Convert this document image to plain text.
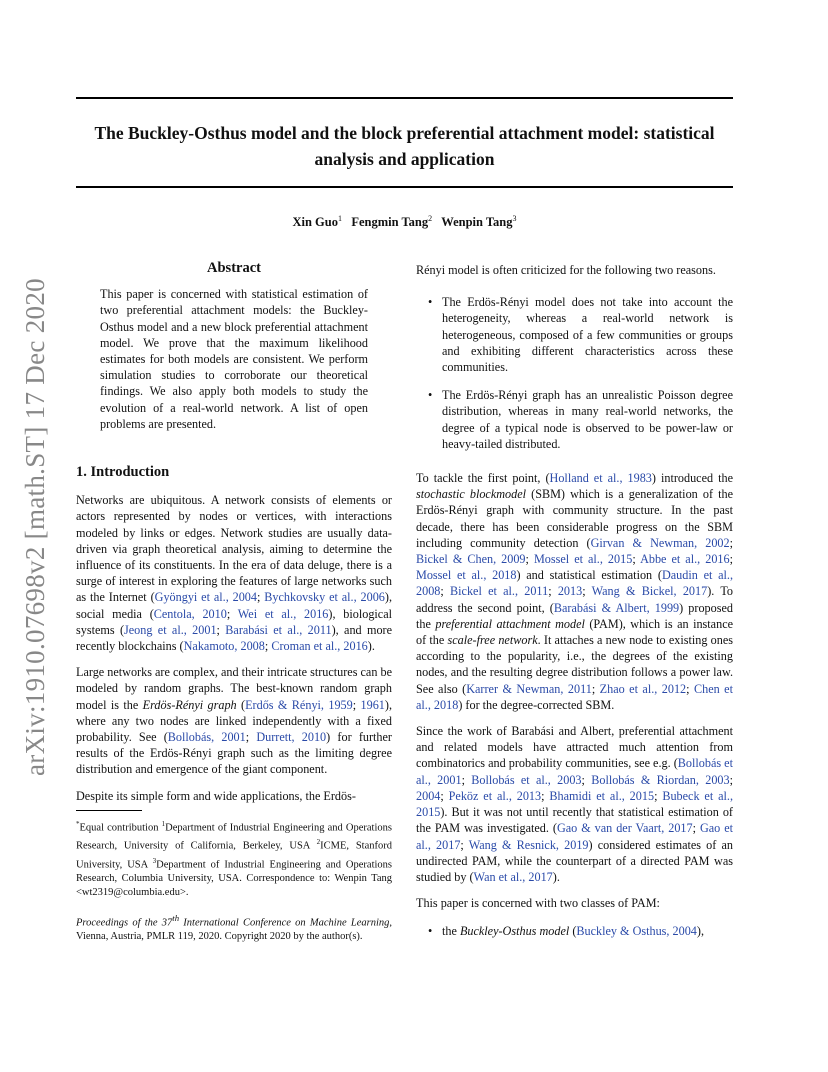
The Buckley-Osthus model and the block preferential attachment model: statistical analysis and application
Xin Guo$^1$ Fengmin Tang$^2$ Wenpin Tang$^3$
arXiv:1910.07698v2 [math.ST] 17 Dec 2020
Abstract
This paper is concerned with statistical estimation of two preferential attachment models: the Buckley-Osthus model and a new block preferential attachment model. We prove that the maximum likelihood estimates for both models are consistent. We perform simulation studies to corroborate our theoretical findings. We also apply both models to study the evolution of a real-world network. A list of open problems are presented.
1. Introduction

Networks are ubiquitous. A network consists of elements or actors represented by nodes or vertices, with interactions modeled by links or edges. Network studies are usually data-driven via graph theoretical analysis, aiming to determine the influence of its constituents. In the era of data deluge, there is a surge of interest in exploring the features of large networks such as the Internet (Gyöngyi et al., 2004; Bychkovsky et al., 2006), social media (Centola, 2010; Wei et al., 2016), biological systems (Jeong et al., 2001; Barabási et al., 2011), and more recently blockchains (Nakamoto, 2008; Croman et al., 2016).

Large networks are complex, and their intricate structures can be modeled by random graphs. The best-known random graph model is the Erdös-Rényi graph (Erdős & Rényi, 1959; 1961), where any two nodes are linked independently with a fixed probability. See (Bollobás, 2001; Durrett, 2010) for further results of the Erdös-Rényi graph such as the limiting degree distribution and emergence of the giant component.

Despite its simple form and wide applications, the Erdös-

*Equal contribution $^1$Department of Industrial Engineering and Operations Research, University of California, Berkeley, USA $^2$ICME, Stanford University, USA $^3$Department of Industrial Engineering and Operations Research, Columbia University, USA. Correspondence to: Wenpin Tang <wt2319@columbia.edu>.

Proceedings of the 37th International Conference on Machine Learning, Vienna, Austria, PMLR 119, 2020. Copyright 2020 by the author(s).

Rényi model is often criticized for the following two reasons.

• The Erdös-Rényi model does not take into account the heterogeneity, whereas a real-world network is heterogeneous, composed of a few communities or groups and exhibiting different characteristics across these communities.
• The Erdös-Rényi graph has an unrealistic Poisson degree distribution, whereas in many real-world networks, the degree of a typical node is observed to be power-law or heavy-tailed distributed.

To tackle the first point, (Holland et al., 1983) introduced the stochastic blockmodel (SBM) which is a generalization of the Erdös-Rényi graph with community structure. In the past decade, there has been considerable progress on the SBM including community detection (Girvan & Newman, 2002; Bickel & Chen, 2009; Mossel et al., 2015; Abbe et al., 2016; Mossel et al., 2018) and statistical estimation (Daudin et al., 2008; Bickel et al., 2011; 2013; Wang & Bickel, 2017). To address the second point, (Barabási & Albert, 1999) proposed the preferential attachment model (PAM), which is an instance of the scale-free network. It attaches a new node to existing ones according to the popularity, i.e., the degrees of the existing nodes, and the resulting degree distribution follows a power law. See also (Karrer & Newman, 2011; Zhao et al., 2012; Chen et al., 2018) for the degree-corrected SBM.

Since the work of Barabási and Albert, preferential attachment and related models have attracted much attention from combinatorics and probability communities, see e.g. (Bollobás et al., 2001; Bollobás et al., 2003; Bollobás & Riordan, 2003; 2004; Peköz et al., 2013; Bhamidi et al., 2015; Bubeck et al., 2015). But it was not until recently that statistical estimation of the PAM was investigated. (Gao & van der Vaart, 2017; Gao et al., 2017; Wang & Resnick, 2019) considered estimates of an undirected PAM, while the counterpart of a directed PAM was studied by (Wan et al., 2017).

This paper is concerned with two classes of PAM:

• the Buckley-Osthus model (Buckley & Osthus, 2004),
